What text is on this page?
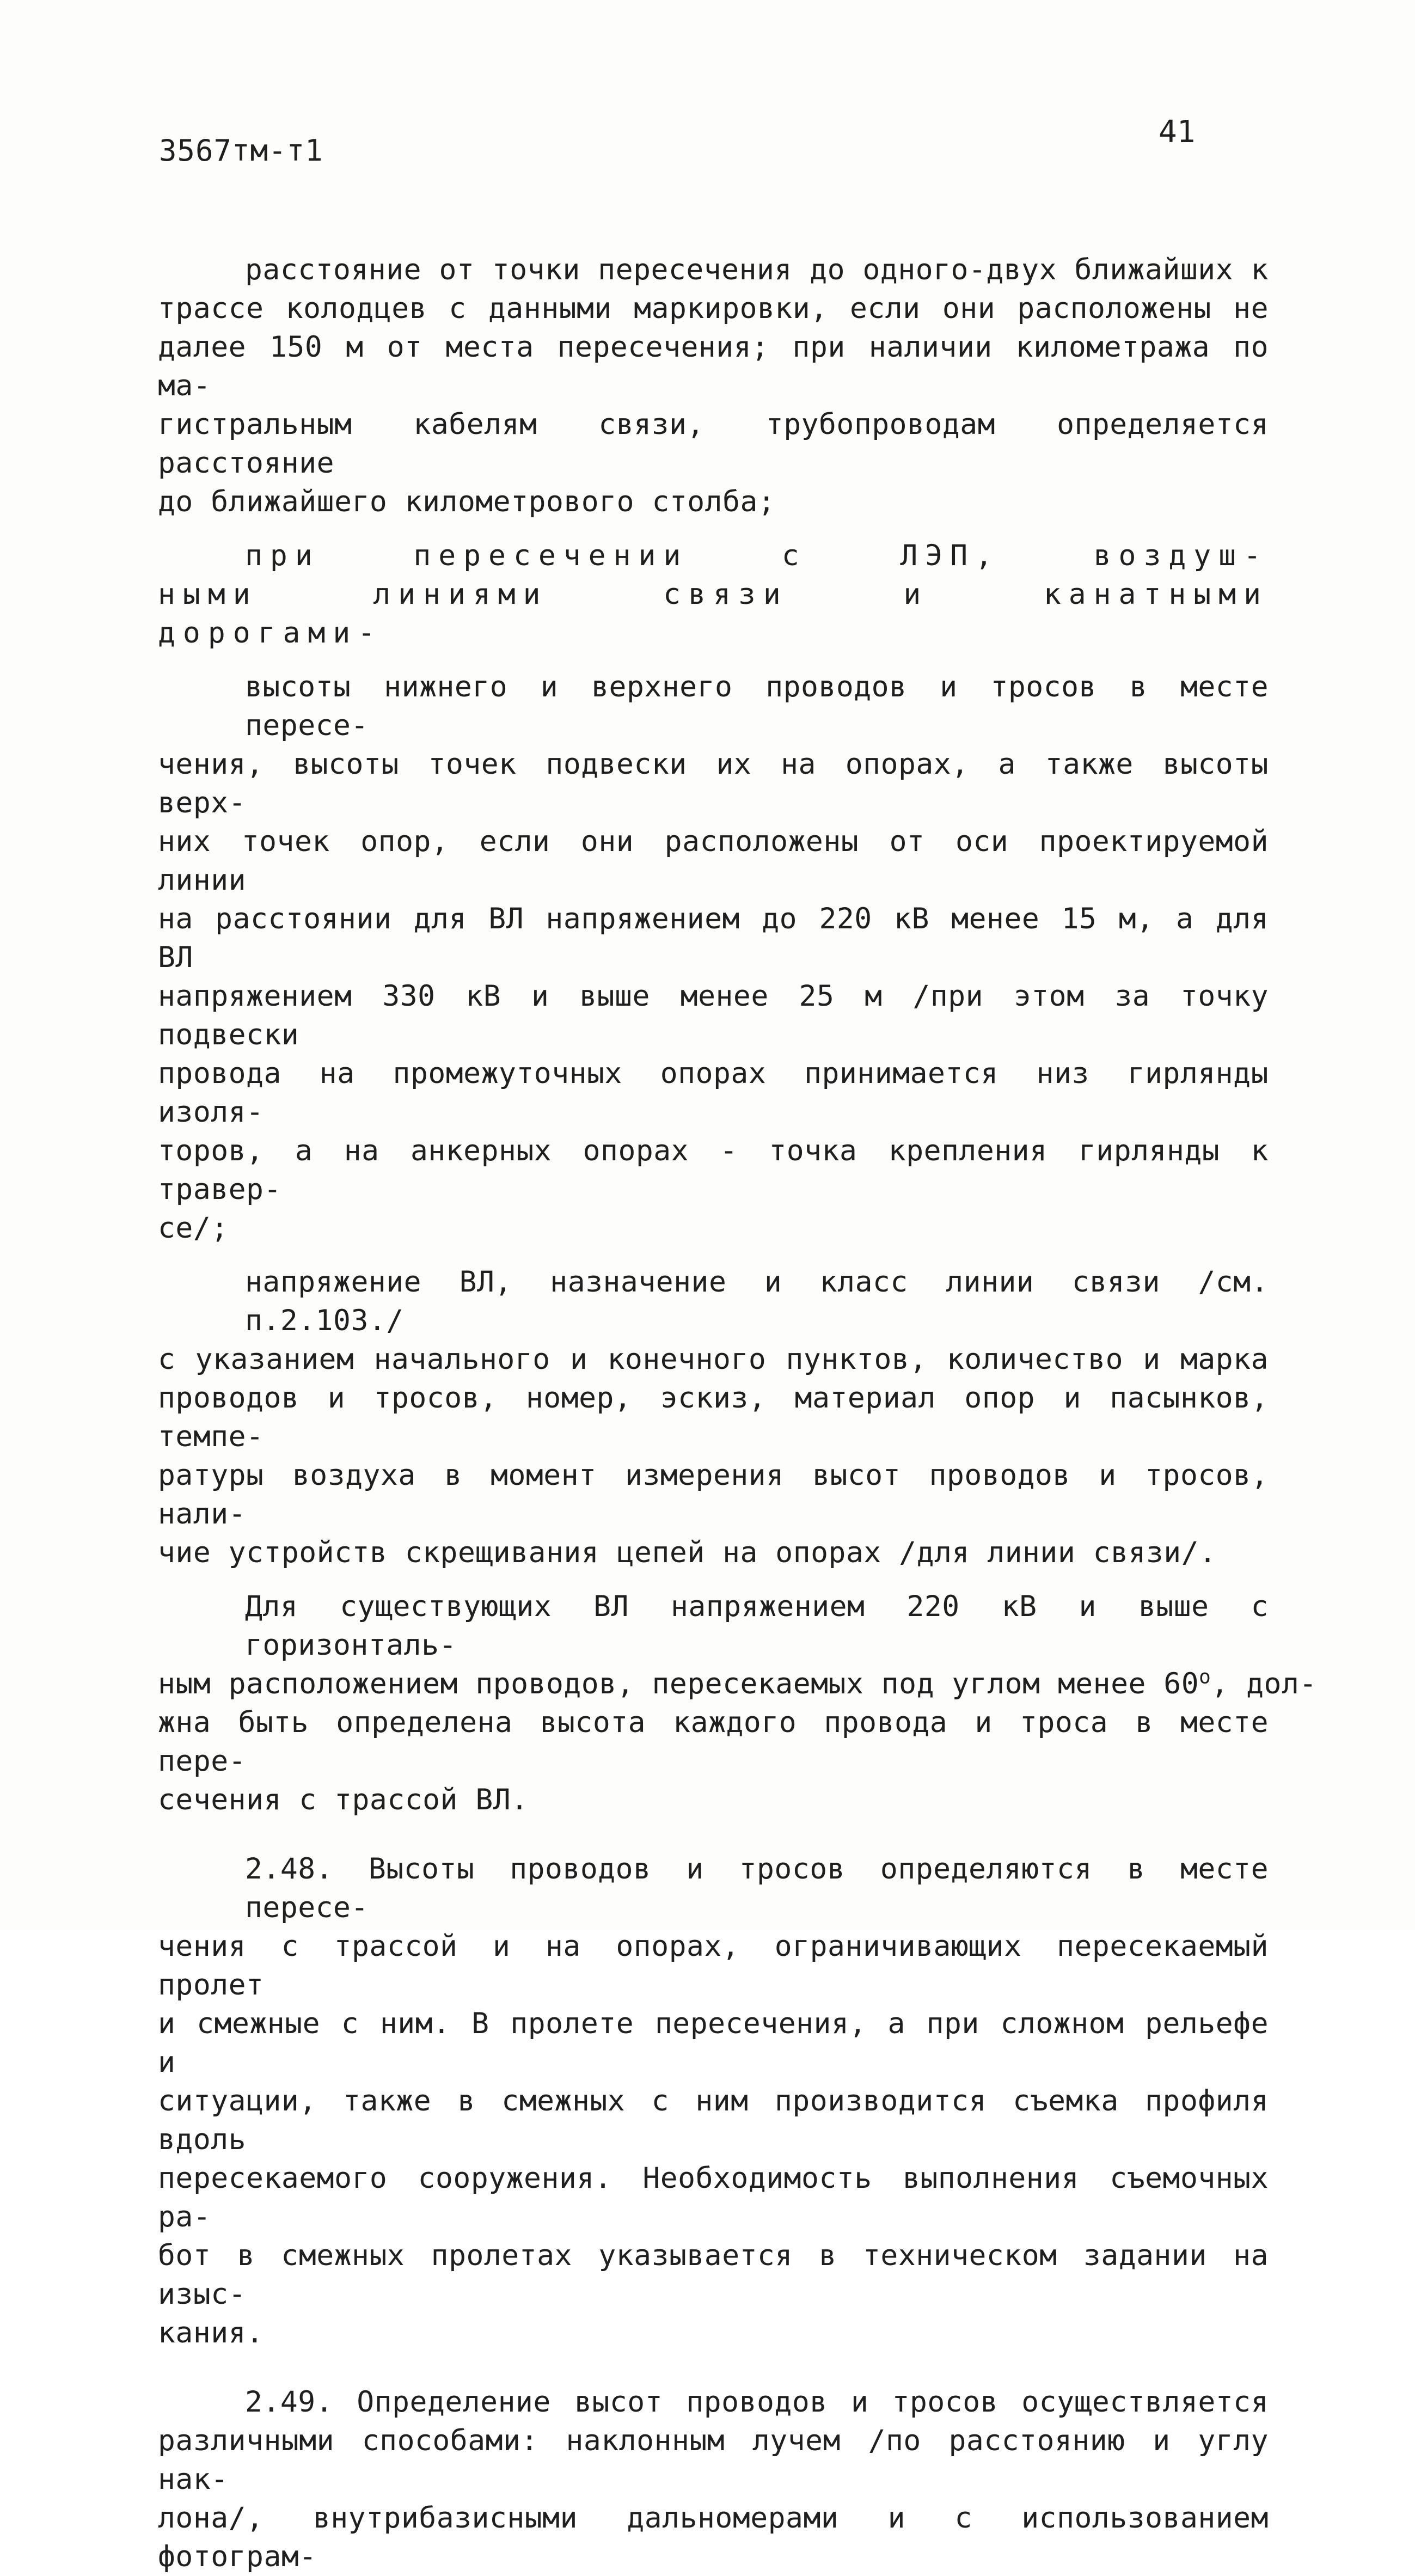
3567тм-т1
41
расстояние от точки пересечения до одного-двух ближайших к
трассе колодцев с данными маркировки, если они расположены не
далее 150 м от места пересечения; при наличии километража по ма-
гистральным кабелям связи, трубопроводам определяется расстояние
до ближайшего километрового столба;
при пересечении с ЛЭП, воздуш-
ными линиями связи и канатными
дорогами-
высоты нижнего и верхнего проводов и тросов в месте пересе-
чения, высоты точек подвески их на опорах, а также высоты верх-
них точек опор, если они расположены от оси проектируемой линии
на расстоянии для ВЛ напряжением до 220 кВ менее 15 м, а для ВЛ
напряжением 330 кВ и выше менее 25 м /при этом за точку подвески
провода на промежуточных опорах принимается низ гирлянды изоля-
торов, а на анкерных опорах - точка крепления гирлянды к травер-
се/;
напряжение ВЛ, назначение и класс линии связи /см. п.2.103./
с указанием начального и конечного пунктов, количество и марка
проводов и тросов, номер, эскиз, материал опор и пасынков, темпе-
ратуры воздуха в момент измерения высот проводов и тросов, нали-
чие устройств скрещивания цепей на опорах /для линии связи/.
Для существующих ВЛ напряжением 220 кВ и выше с горизонталь-
ным расположением проводов, пересекаемых под углом менее $60^о$, дол-
жна быть определена высота каждого провода и троса в месте пере-
сечения с трассой ВЛ.
2.48. Высоты проводов и тросов определяются в месте пересе-
чения с трассой и на опорах, ограничивающих пересекаемый пролет
и смежные с ним. В пролете пересечения, а при сложном рельефе и
ситуации, также в смежных с ним производится съемка профиля вдоль
пересекаемого сооружения. Необходимость выполнения съемочных ра-
бот в смежных пролетах указывается в техническом задании на изыс-
кания.
2.49. Определение высот проводов и тросов осуществляется
различными способами: наклонным лучем /по расстоянию и углу нак-
лона/, внутрибазисными дальномерами и с использованием фотограм-
